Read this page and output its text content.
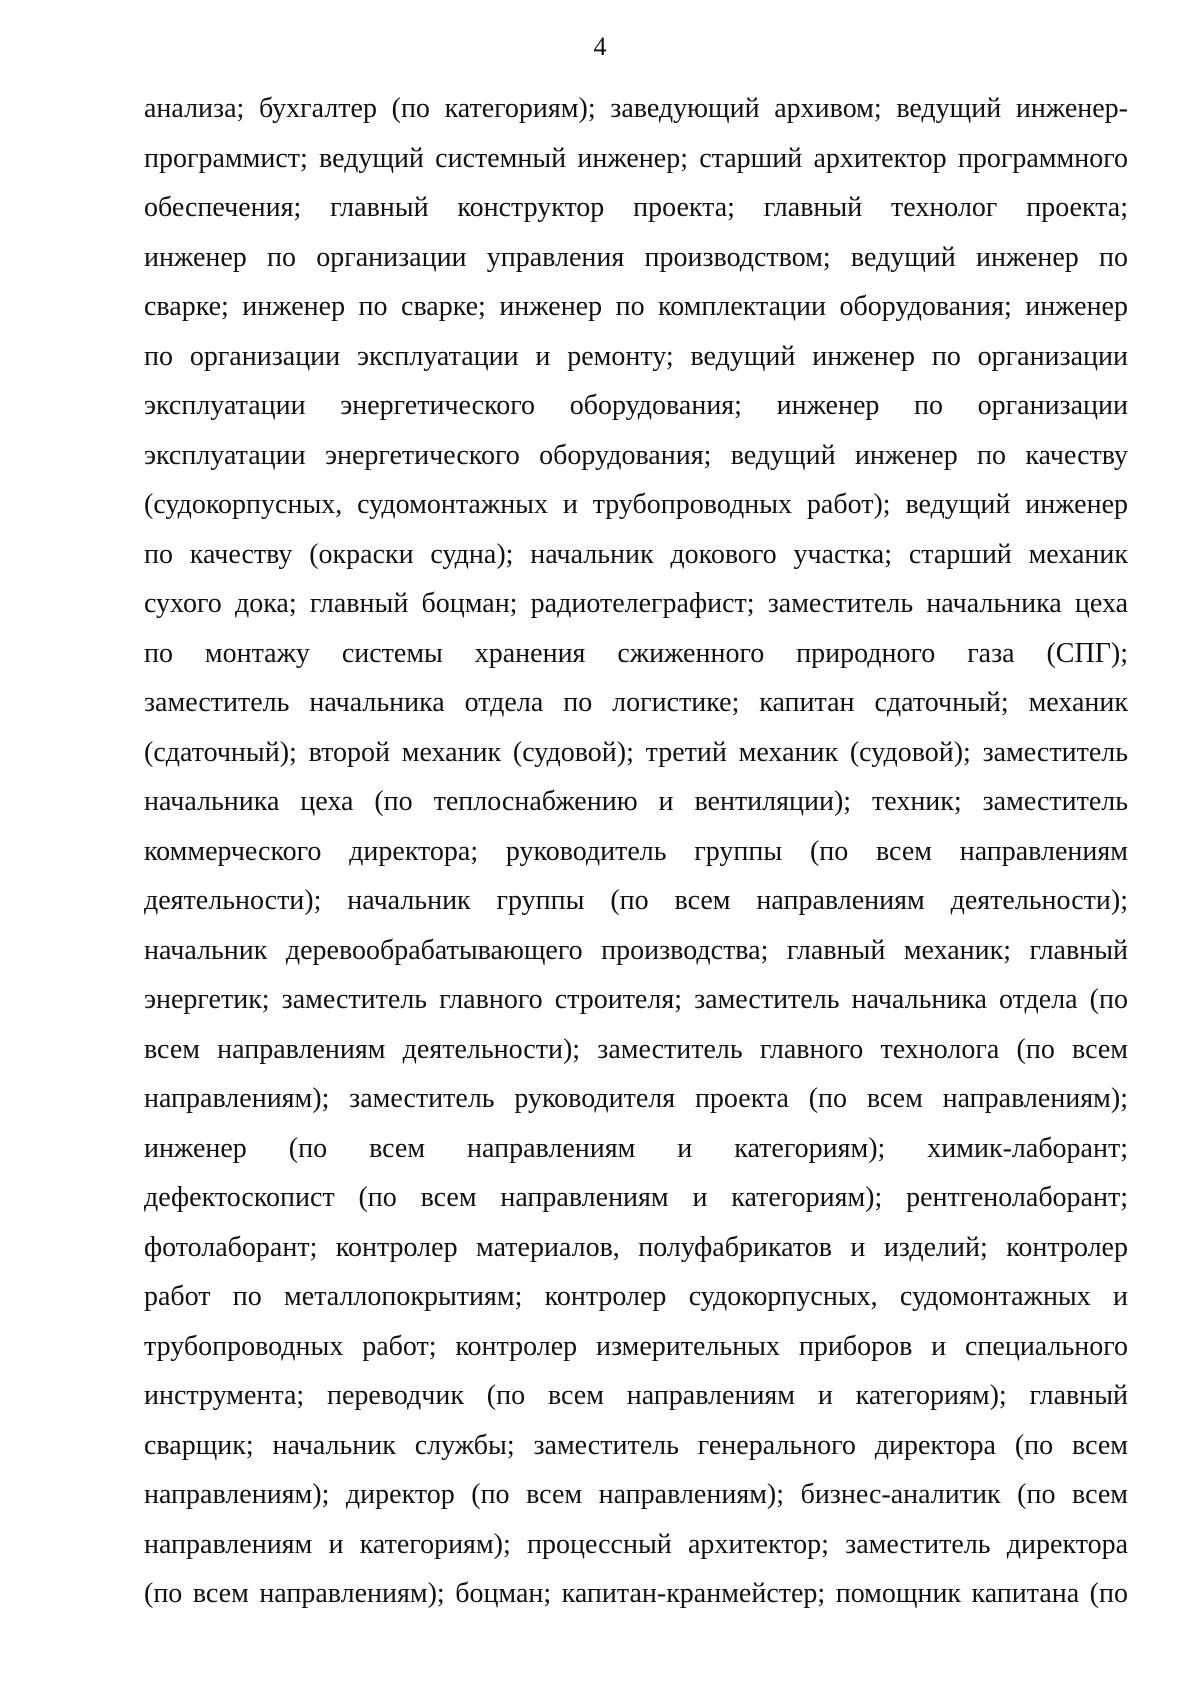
4
анализа; бухгалтер (по категориям); заведующий архивом; ведущий инженер-
программист; ведущий системный инженер; старший архитектор программного
обеспечения; главный конструктор проекта; главный технолог проекта;
инженер по организации управления производством; ведущий инженер по
сварке; инженер по сварке; инженер по комплектации оборудования; инженер
по организации эксплуатации и ремонту; ведущий инженер по организации
эксплуатации энергетического оборудования; инженер по организации
эксплуатации энергетического оборудования; ведущий инженер по качеству
(судокорпусных, судомонтажных и трубопроводных работ); ведущий инженер
по качеству (окраски судна); начальник докового участка; старший механик
сухого дока; главный боцман; радиотелеграфист; заместитель начальника цеха
по монтажу системы хранения сжиженного природного газа (СПГ);
заместитель начальника отдела по логистике; капитан сдаточный; механик
(сдаточный); второй механик (судовой); третий механик (судовой); заместитель
начальника цеха (по теплоснабжению и вентиляции); техник; заместитель
коммерческого директора; руководитель группы (по всем направлениям
деятельности); начальник группы (по всем направлениям деятельности);
начальник деревообрабатывающего производства; главный механик; главный
энергетик; заместитель главного строителя; заместитель начальника отдела (по
всем направлениям деятельности); заместитель главного технолога (по всем
направлениям); заместитель руководителя проекта (по всем направлениям);
инженер (по всем направлениям и категориям); химик-лаборант;
дефектоскопист (по всем направлениям и категориям); рентгенолаборант;
фотолаборант; контролер материалов, полуфабрикатов и изделий; контролер
работ по металлопокрытиям; контролер судокорпусных, судомонтажных и
трубопроводных работ; контролер измерительных приборов и специального
инструмента; переводчик (по всем направлениям и категориям); главный
сварщик; начальник службы; заместитель генерального директора (по всем
направлениям); директор (по всем направлениям); бизнес-аналитик (по всем
направлениям и категориям); процессный архитектор; заместитель директора
(по всем направлениям); боцман; капитан-кранмейстер; помощник капитана (по
